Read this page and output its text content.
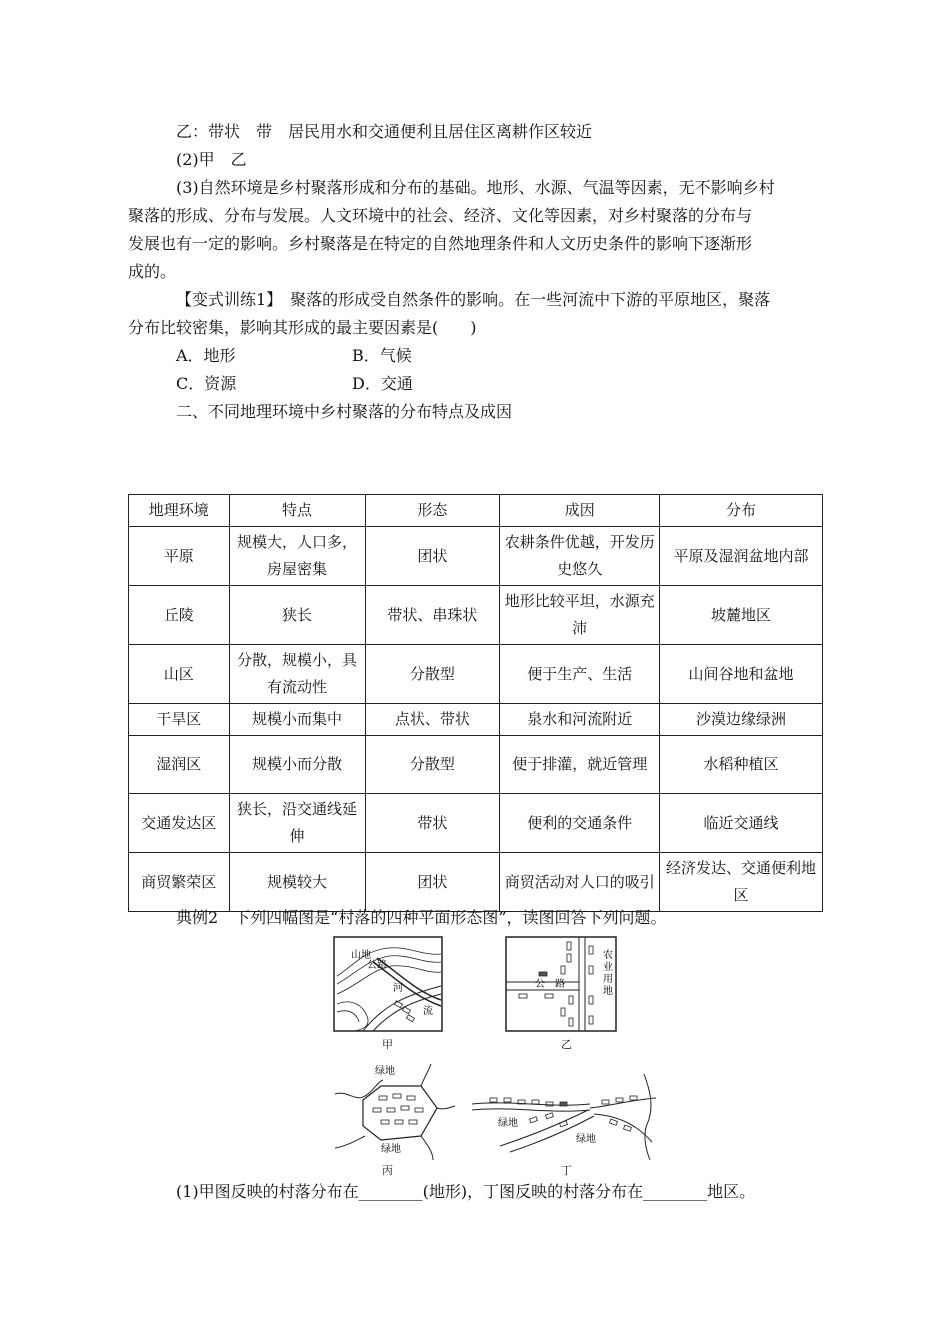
乙：带状　带　居民用水和交通便利且居住区离耕作区较近
(2)甲　乙
(3)自然环境是乡村聚落形成和分布的基础。地形、水源、气温等因素，无不影响乡村
聚落的形成、分布与发展。人文环境中的社会、经济、文化等因素，对乡村聚落的分布与
发展也有一定的影响。乡村聚落是在特定的自然地理条件和人文历史条件的影响下逐渐形
成的。
【变式训练1】　聚落的形成受自然条件的影响。在一些河流中下游的平原地区，聚落
分布比较密集，影响其形成的最主要因素是(　　)
A．地形	B．气候
C．资源	D．交通
二、不同地理环境中乡村聚落的分布特点及成因
地理环境	特点	形态	成因	分布
平原	规模大，人口多，房屋密集	团状	农耕条件优越，开发历史悠久	平原及湿润盆地内部
丘陵	狭长	带状、串珠状	地形比较平坦，水源充沛	坡麓地区
山区	分散，规模小，具有流动性	分散型	便于生产、生活	山间谷地和盆地
干旱区	规模小而集中	点状、带状	泉水和河流附近	沙漠边缘绿洲
湿润区	规模小而分散	分散型	便于排灌，就近管理	水稻种植区
交通发达区	狭长，沿交通线延伸	带状	便利的交通条件	临近交通线
商贸繁荣区	规模较大	团状	商贸活动对人口的吸引	经济发达、交通便利地区
典例2　下列四幅图是“村落的四种平面形态图”，读图回答下列问题。
山地
公路
河
流
甲
公　路
农
业
用
地
乙
绿地
绿地
丙
绿地
绿地
丁
(1)甲图反映的村落分布在________(地形)，丁图反映的村落分布在________地区。
